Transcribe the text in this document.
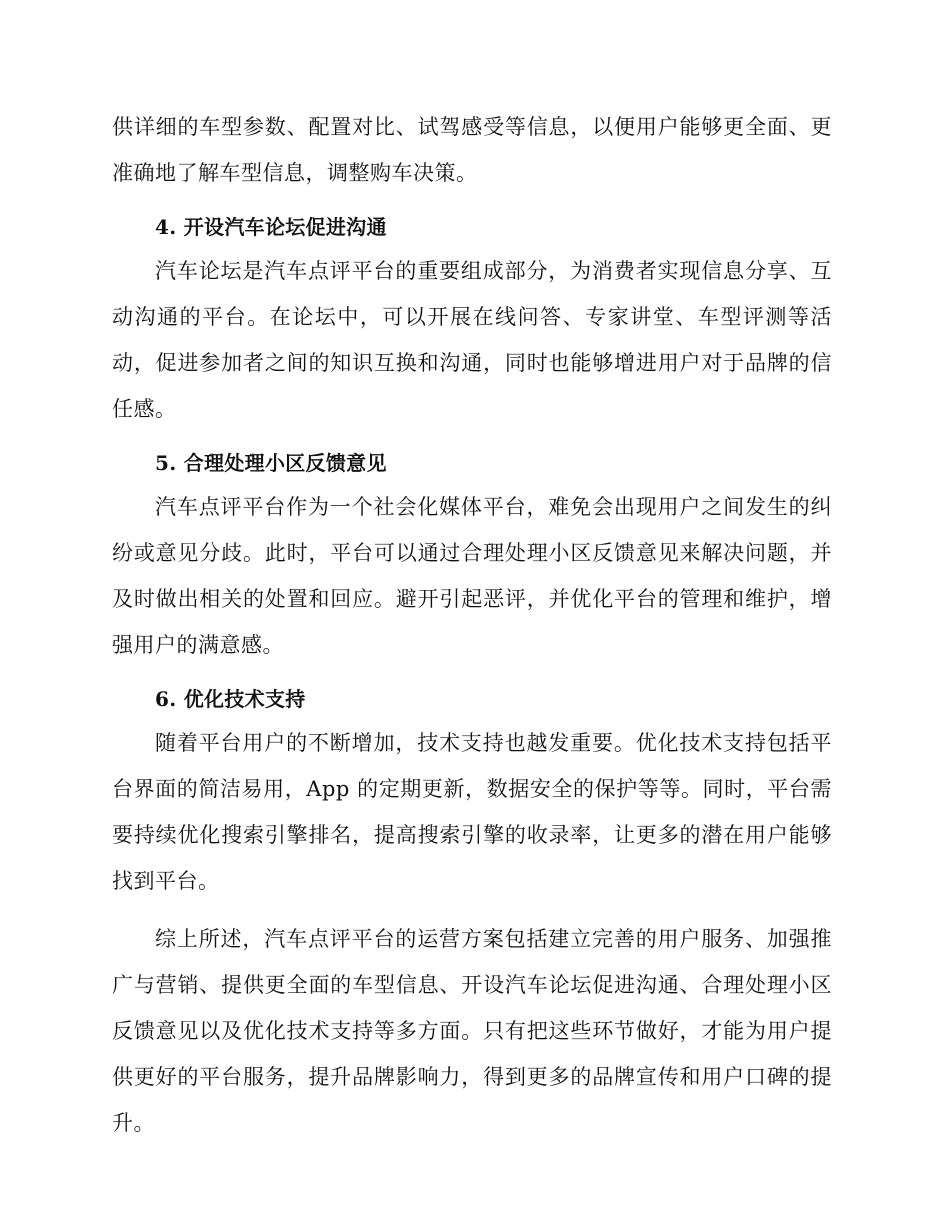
供详细的车型参数、配置对比、试驾感受等信息，以便用户能够更全面、更准确地了解车型信息，调整购车决策。

4. 开设汽车论坛促进沟通

汽车论坛是汽车点评平台的重要组成部分，为消费者实现信息分享、互动沟通的平台。在论坛中，可以开展在线问答、专家讲堂、车型评测等活动，促进参加者之间的知识互换和沟通，同时也能够增进用户对于品牌的信任感。

5. 合理处理小区反馈意见

汽车点评平台作为一个社会化媒体平台，难免会出现用户之间发生的纠纷或意见分歧。此时，平台可以通过合理处理小区反馈意见来解决问题，并及时做出相关的处置和回应。避开引起恶评，并优化平台的管理和维护，增强用户的满意感。

6. 优化技术支持

随着平台用户的不断增加，技术支持也越发重要。优化技术支持包括平台界面的简洁易用，App 的定期更新，数据安全的保护等等。同时，平台需要持续优化搜索引擎排名，提高搜索引擎的收录率，让更多的潜在用户能够找到平台。

综上所述，汽车点评平台的运营方案包括建立完善的用户服务、加强推广与营销、提供更全面的车型信息、开设汽车论坛促进沟通、合理处理小区反馈意见以及优化技术支持等多方面。只有把这些环节做好，才能为用户提供更好的平台服务，提升品牌影响力，得到更多的品牌宣传和用户口碑的提升。
